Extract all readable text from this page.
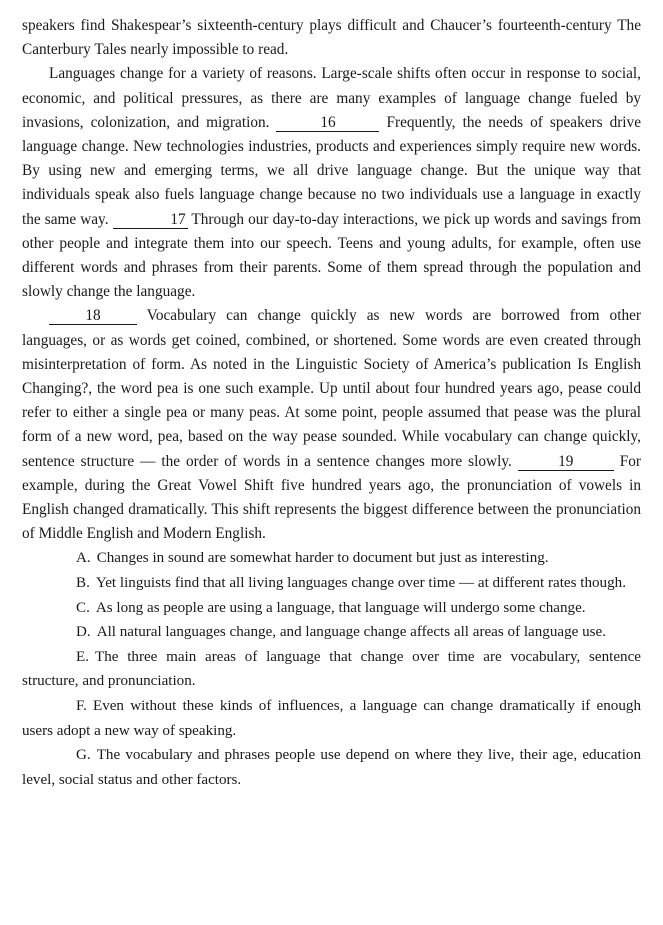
speakers find Shakespear’s sixteenth-century plays difficult and Chaucer’s fourteenth-century The Canterbury Tales nearly impossible to read.

Languages change for a variety of reasons. Large-scale shifts often occur in response to social, economic, and political pressures, as there are many examples of language change fueled by invasions, colonization, and migration.	16	Frequently, the needs of speakers drive language change. New technologies industries, products and experiences simply require new words. By using new and emerging terms, we all drive language change. But the unique way that individuals speak also fuels language change because no two individuals use a language in exactly the same way.	17 Through our day-to-day interactions, we pick up words and savings from other people and integrate them into our speech. Teens and young adults, for example, often use different words and phrases from their parents. Some of them spread through the population and slowly change the language.

18	Vocabulary can change quickly as new words are borrowed from other languages, or as words get coined, combined, or shortened. Some words are even created through misinterpretation of form. As noted in the Linguistic Society of America’s publication Is English Changing?, the word pea is one such example. Up until about four hundred years ago, pease could refer to either a single pea or many peas. At some point, people assumed that pease was the plural form of a new word, pea, based on the way pease sounded. While vocabulary can change quickly, sentence structure — the order of words in a sentence changes more slowly.	19	For example, during the Great Vowel Shift five hundred years ago, the pronunciation of vowels in English changed dramatically. This shift represents the biggest difference between the pronunciation of Middle English and Modern English.

A. Changes in sound are somewhat harder to document but just as interesting.

B. Yet linguists find that all living languages change over time — at different rates though.

C. As long as people are using a language, that language will undergo some change.

D. All natural languages change, and language change affects all areas of language use.

E. The three main areas of language that change over time are vocabulary, sentence structure, and pronunciation.

F. Even without these kinds of influences, a language can change dramatically if enough users adopt a new way of speaking.

G. The vocabulary and phrases people use depend on where they live, their age, education level, social status and other factors.
